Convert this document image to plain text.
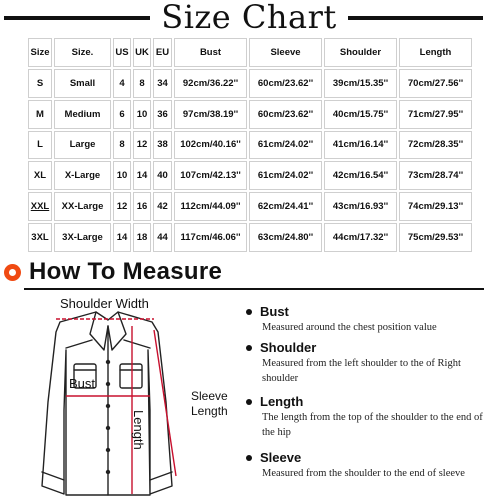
Size Chart
Size	Size.	US	UK	EU	Bust	Sleeve	Shoulder	Length
S	Small	4	8	34	92cm/36.22''	60cm/23.62''	39cm/15.35''	70cm/27.56''
M	Medium	6	10	36	97cm/38.19''	60cm/23.62''	40cm/15.75''	71cm/27.95''
L	Large	8	12	38	102cm/40.16''	61cm/24.02''	41cm/16.14''	72cm/28.35''
XL	X-Large	10	14	40	107cm/42.13''	61cm/24.02''	42cm/16.54''	73cm/28.74''
XXL	XX-Large	12	16	42	112cm/44.09''	62cm/24.41''	43cm/16.93''	74cm/29.13''
3XL	3X-Large	14	18	44	117cm/46.06''	63cm/24.80''	44cm/17.32''	75cm/29.53''
How To Measure
Shoulder Width
Bust
Length
Sleeve
Length
Bust
Measured around the chest position value
Shoulder
Measured from the left shoulder to the of Right shoulder
Length
The length from the top of the shoulder to the end of the hip
Sleeve
Measured from the shoulder to the end of sleeve
